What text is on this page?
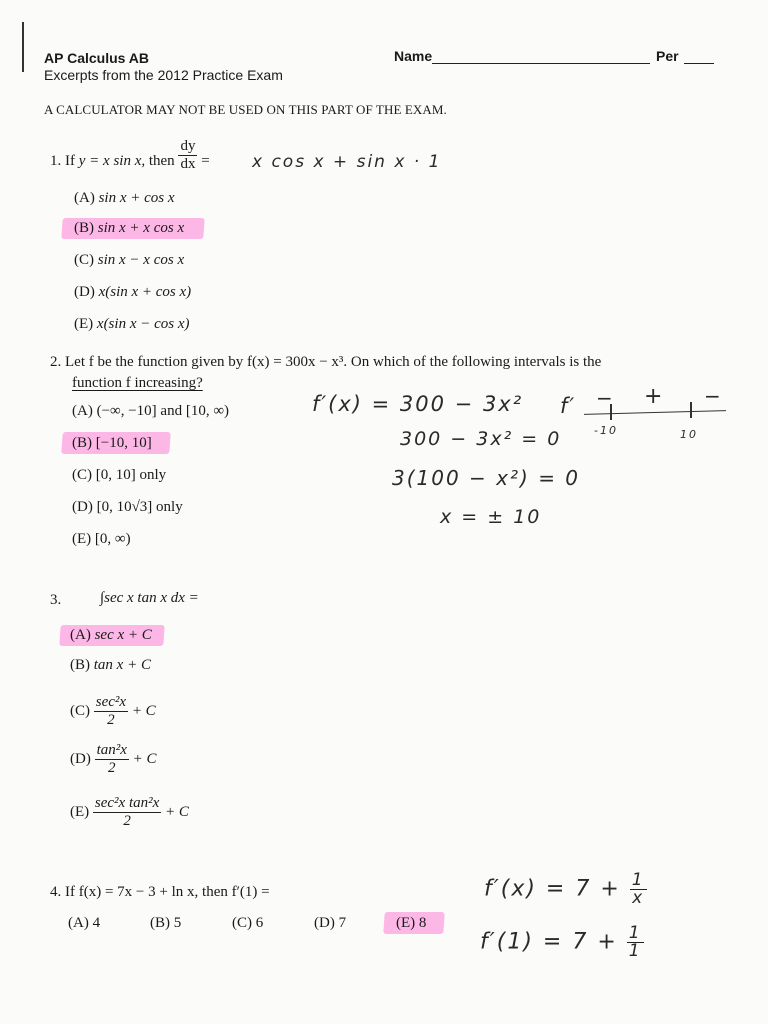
AP Calculus AB
Excerpts from the 2012 Practice Exam
Name	Per
A CALCULATOR MAY NOT BE USED ON THIS PART OF THE EXAM.
1. If y = x sin x, then $\frac{dy}{dx} = x$ cos x + sin x · 1
(A) sin x + cos x
(B) sin x + x cos x
(C) sin x − x cos x
(D) x(sin x + cos x)
(E) x(sin x − cos x)
2. Let f be the function given by f(x) = 300x − x³. On which of the following intervals is the
function f increasing?
f′(x) = 300 − 3x²
300 − 3x² = 0
3(100 − x²) = 0
x = ± 10
f′ − + −
-10	10
(A) (−∞, −10] and [10, ∞)
(B) [−10, 10]
(C) [0, 10] only
(D) [0, 10√3] only
(E) [0, ∞)
3.	∫sec x tan x dx =
(A) sec x + C
(B) tan x + C
$(C) \frac{\text{sec²x}}{2} + C$
$(D) \frac{\text{tan²x}}{2} + C$
$(E) \frac{\text{sec²x tan²x}}{2} + C$
4. If f(x) = 7x − 3 + ln x, then f′(1) =
(A) 4	(B) 5	(C) 6	(D) 7	(E) 8
$f'(x) = 7 + \frac{1}{x}$
$f'(1) = 7 + \frac{1}{1}$
